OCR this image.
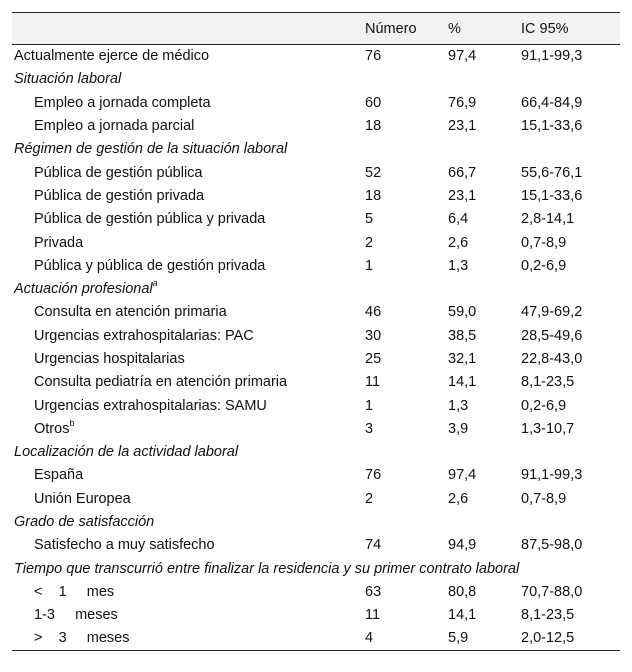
	Número	%	IC 95%
Actualmente ejerce de médico	76	97,4	91,1-99,3
Situación laboral			
Empleo a jornada completa	60	76,9	66,4-84,9
Empleo a jornada parcial	18	23,1	15,1-33,6
Régimen de gestión de la situación laboral			
Pública de gestión pública	52	66,7	55,6-76,1
Pública de gestión privada	18	23,1	15,1-33,6
Pública de gestión pública y privada	5	6,4	2,8-14,1
Privada	2	2,6	0,7-8,9
Pública y pública de gestión privada	1	1,3	0,2-6,9
Actuación profesional$^a$
Consulta en atención primaria	46	59,0	47,9-69,2
Urgencias extrahospitalarias: PAC	30	38,5	28,5-49,6
Urgencias hospitalarias	25	32,1	22,8-43,0
Consulta pediatría en atención primaria	11	14,1	8,1-23,5
Urgencias extrahospitalarias: SAMU	1	1,3	0,2-6,9
Otros$^b$	3	3,9	1,3-10,7
Localización de la actividad laboral			
España	76	97,4	91,1-99,3
Unión Europea	2	2,6	0,7-8,9
Grado de satisfacción			
Satisfecho a muy satisfecho	74	94,9	87,5-98,0
Tiempo que transcurrió entre finalizar la residencia y su primer contrato laboral			
<    1     mes	63	80,8	70,7-88,0
1-3     meses	11	14,1	8,1-23,5
>    3     meses	4	5,9	2,0-12,5
